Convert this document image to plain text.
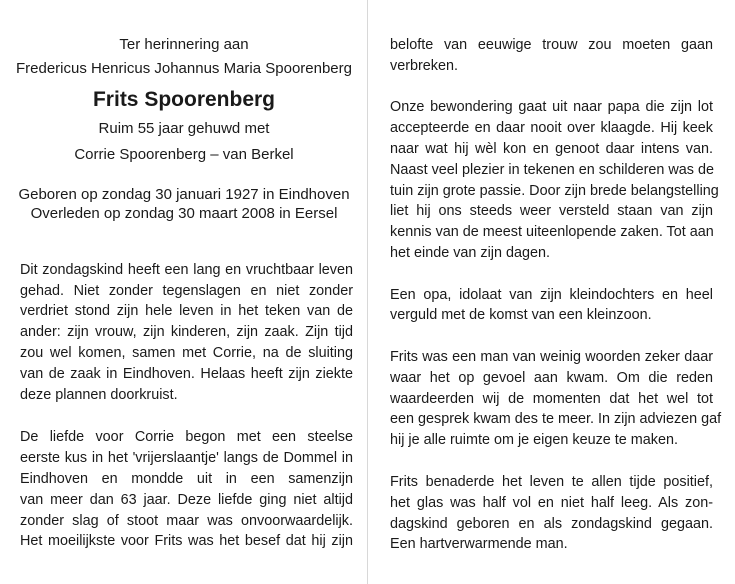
Ter herinnering aan
Fredericus Henricus Johannus Maria Spoorenberg
Frits Spoorenberg
Ruim 55 jaar gehuwd met
Corrie Spoorenberg – van Berkel
Geboren op zondag 30 januari 1927 in Eindhoven
Overleden op zondag 30 maart 2008 in Eersel
Dit zondagskind heeft een lang en vruchtbaar leven
gehad. Niet zonder tegenslagen en niet zonder
verdriet stond zijn hele leven in het teken van de
ander: zijn vrouw, zijn kinderen, zijn zaak. Zijn tijd
zou wel komen, samen met Corrie, na de sluiting
van de zaak in Eindhoven. Helaas heeft zijn ziekte
deze plannen doorkruist.
De liefde voor Corrie begon met een steelse
eerste kus in het 'vrijerslaantje' langs de Dommel in
Eindhoven en mondde uit in een samenzijn
van meer dan 63 jaar. Deze liefde ging niet altijd
zonder slag of stoot maar was onvoorwaardelijk.
Het moeilijkste voor Frits was het besef dat hij zijn
belofte van eeuwige trouw zou moeten gaan
verbreken.
Onze bewondering gaat uit naar papa die zijn lot
accepteerde en daar nooit over klaagde. Hij keek
naar wat hij wèl kon en genoot daar intens van.
Naast veel plezier in tekenen en schilderen was de
tuin zijn grote passie. Door zijn brede belangstelling
liet hij ons steeds weer versteld staan van zijn
kennis van de meest uiteenlopende zaken. Tot aan
het einde van zijn dagen.
Een opa, idolaat van zijn kleindochters en heel
verguld met de komst van een kleinzoon.
Frits was een man van weinig woorden zeker daar
waar het op gevoel aan kwam. Om die reden
waardeerden wij de momenten dat het wel tot
een gesprek kwam des te meer. In zijn adviezen gaf
hij je alle ruimte om je eigen keuze te maken.
Frits benaderde het leven te allen tijde positief,
het glas was half vol en niet half leeg. Als zon-
dagskind geboren en als zondagskind gegaan.
Een hartverwarmende man.
